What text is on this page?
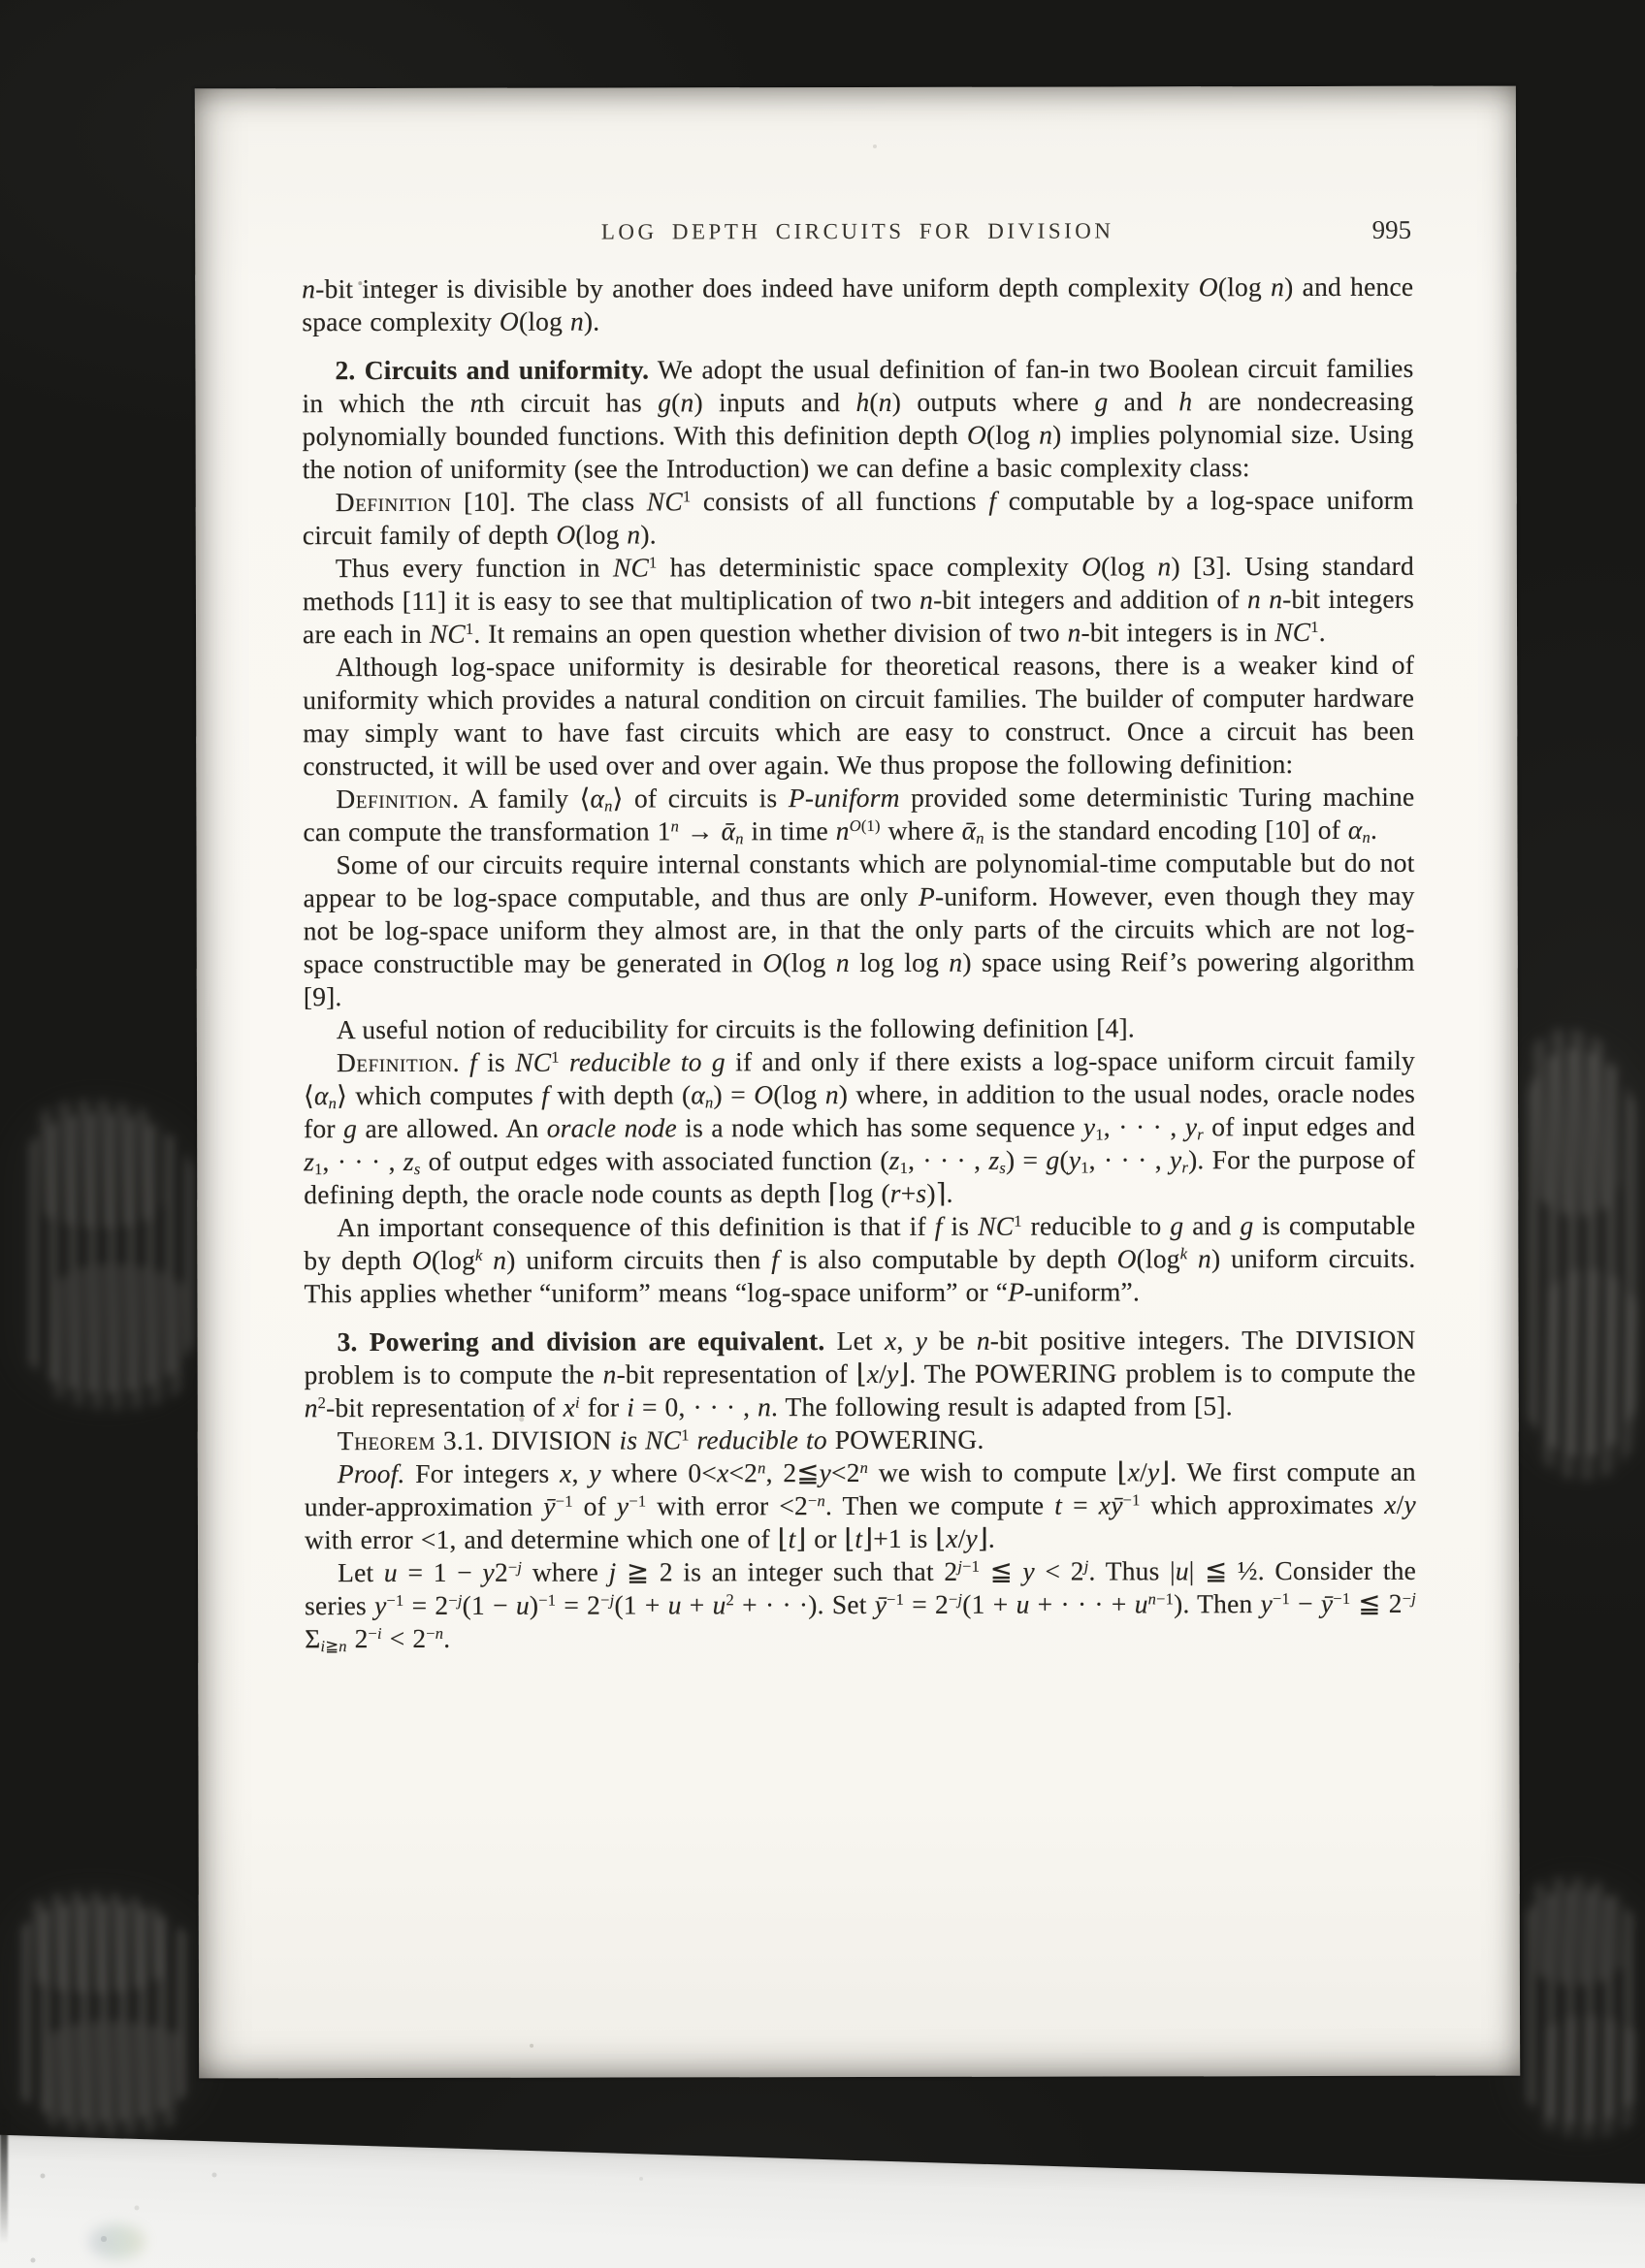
LOG DEPTH CIRCUITS FOR DIVISION	995

n-bit integer is divisible by another does indeed have uniform depth complexity O(log n) and hence space complexity O(log n).

2. Circuits and uniformity. We adopt the usual definition of fan-in two Boolean circuit families in which the nth circuit has g(n) inputs and h(n) outputs where g and h are nondecreasing polynomially bounded functions. With this definition depth O(log n) implies polynomial size. Using the notion of uniformity (see the Introduction) we can define a basic complexity class:

Definition [10]. The class $NC^1$ consists of all functions f computable by a log-space uniform circuit family of depth O(log n).

Thus every function in $NC^1$ has deterministic space complexity O(log n) [3]. Using standard methods [11] it is easy to see that multiplication of two n-bit integers and addition of n n-bit integers are each in $NC^1$. It remains an open question whether division of two n-bit integers is in $NC^1$.

Although log-space uniformity is desirable for theoretical reasons, there is a weaker kind of uniformity which provides a natural condition on circuit families. The builder of computer hardware may simply want to have fast circuits which are easy to construct. Once a circuit has been constructed, it will be used over and over again. We thus propose the following definition:

Definition. A family $⟨\alpha_n⟩$ of circuits is P-uniform provided some deterministic Turing machine can compute the transformation $1^n$ → ᾱ$_n$ in time $n^{O(1)}$ where ᾱ$_n$ is the standard encoding [10] of $\alpha_n$.

Some of our circuits require internal constants which are polynomial-time computable but do not appear to be log-space computable, and thus are only P-uniform. However, even though they may not be log-space uniform they almost are, in that the only parts of the circuits which are not log-space constructible may be generated in O(log n log log n) space using Reif’s powering algorithm [9].

A useful notion of reducibility for circuits is the following definition [4].

Definition. f is $NC^1$ reducible to g if and only if there exists a log-space uniform circuit family $⟨\alpha_n⟩$ which computes f with depth $(\alpha_n) = O(\log$ n) where, in addition to the usual nodes, oracle nodes for g are allowed. An oracle node is a node which has some sequence $y_1$, · · · , $y_r$ of input edges and $z_1$, · · · , $z_s$ of output edges with associated function ($z_1$, · · · , $z_s) = g(y_1$, · · · , $y_r$). For the purpose of defining depth, the oracle node counts as depth ⌈log (r+s)⌉.

An important consequence of this definition is that if f is $NC^1$ reducible to g and g is computable by depth $O(\log^k$ n) uniform circuits then f is also computable by depth $O(\log^k$ n) uniform circuits. This applies whether “uniform” means “log-space uniform” or “P-uniform”.

3. Powering and division are equivalent. Let x, y be n-bit positive integers. The DIVISION problem is to compute the n-bit representation of ⌊x/y⌋. The POWERING problem is to compute the $n^2$-bit representation of $x^i$ for i = 0, · · · , n. The following result is adapted from [5].

Theorem 3.1. DIVISION is $NC^1$ reducible to POWERING.

Proof. For integers x, y where $0<x<2^n$, $2≦y<2^n$ we wish to compute ⌊x/y⌋. We first compute an under-approximation $ȳ^{-1}$ of $y^{-1}$ with error $<2^{-n}$. Then we compute $t = xȳ^{-1}$ which approximates x/y with error <1, and determine which one of ⌊t⌋ or ⌊t⌋+1 is ⌊x/y⌋.

Let $u = 1 - y2^{-j}$ where j ≧ 2 is an integer such that $2^{j-1}$ ≦ $y < 2^j$. Thus |u| ≦ ½. Consider the series $y^{-1} = 2^{-j}(1 - u)^{-1} = 2^{-j}(1 + u + u^2$ + · · ·). Set $ȳ^{-1} = 2^{-j}(1 + u$ + · · · + $u^{n-1}$). Then $y^{-1}$ − $ȳ^{-1}$ ≦ $2^{-j}$ $\Sigma_{i≧n}$ $2^{-i} < 2^{-n}$.
